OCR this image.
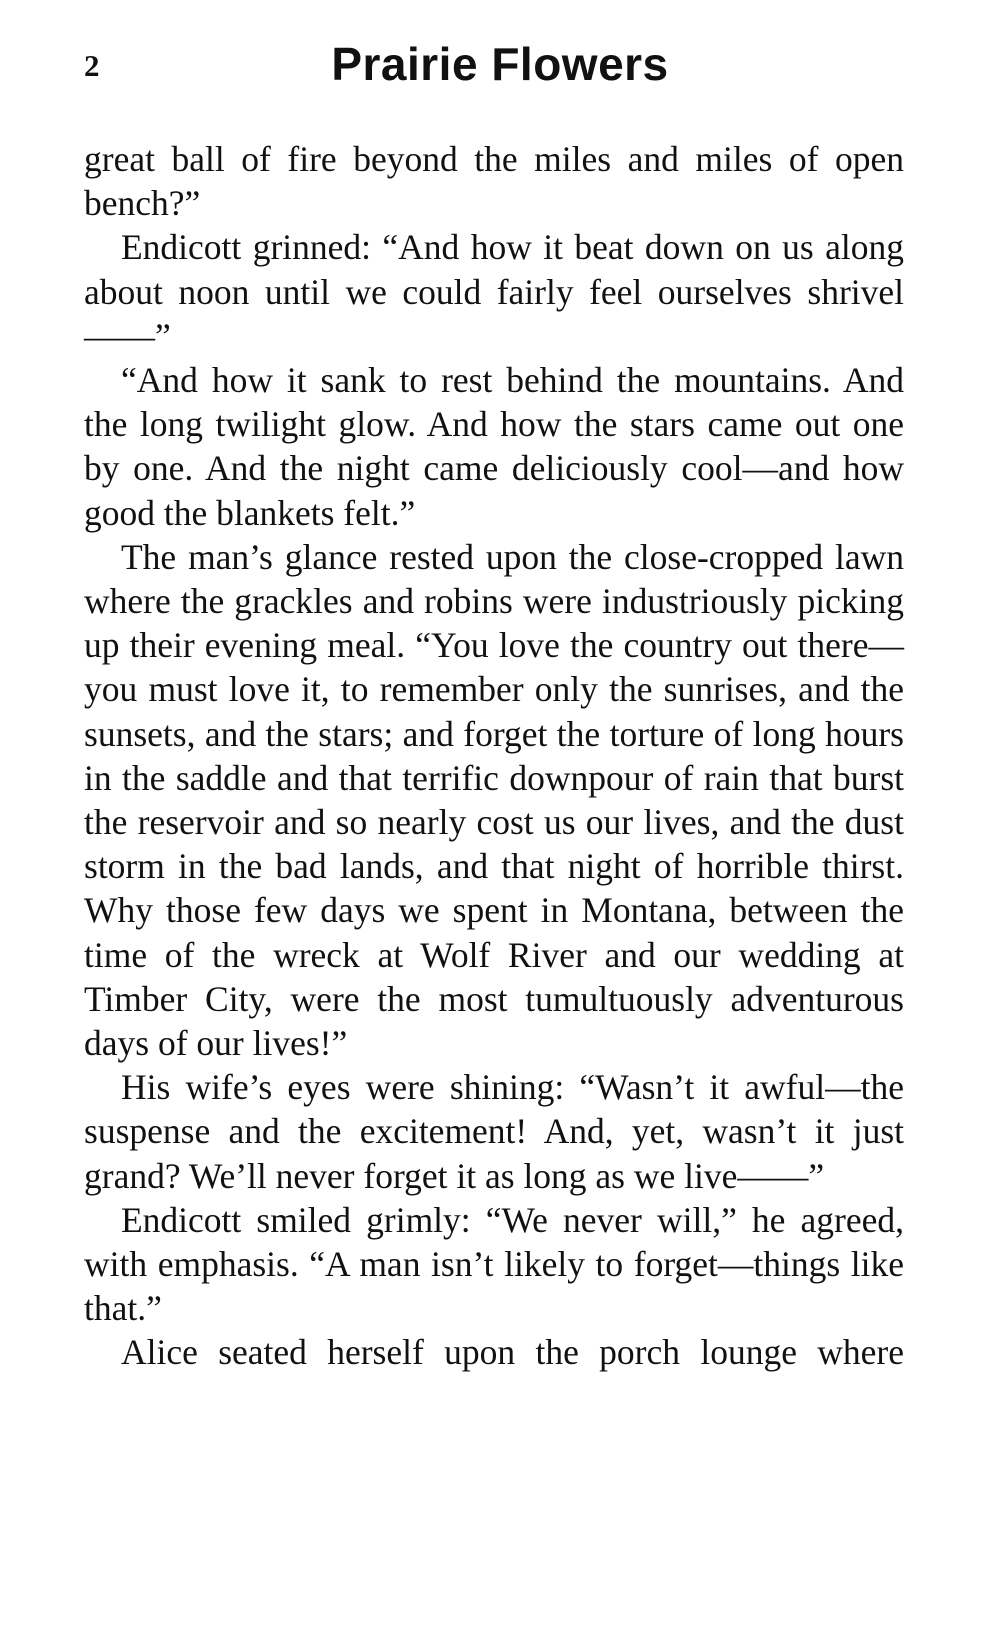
2	Prairie Flowers

great ball of fire beyond the miles and miles of open bench?”

Endicott grinned: “And how it beat down on us along about noon until we could fairly feel ourselves shrivel——”

“And how it sank to rest behind the mountains. And the long twilight glow. And how the stars came out one by one. And the night came deliciously cool—and how good the blankets felt.”

The man’s glance rested upon the close-cropped lawn where the grackles and robins were industriously picking up their evening meal. “You love the country out there—you must love it, to remember only the sunrises, and the sunsets, and the stars; and forget the torture of long hours in the saddle and that terrific downpour of rain that burst the reservoir and so nearly cost us our lives, and the dust storm in the bad lands, and that night of horrible thirst. Why those few days we spent in Montana, between the time of the wreck at Wolf River and our wedding at Timber City, were the most tumultuously adventurous days of our lives!”

His wife’s eyes were shining: “Wasn’t it awful—the suspense and the excitement! And, yet, wasn’t it just grand? We’ll never forget it as long as we live——”

Endicott smiled grimly: “We never will,” he agreed, with emphasis. “A man isn’t likely to forget—things like that.”

Alice seated herself upon the porch lounge where
